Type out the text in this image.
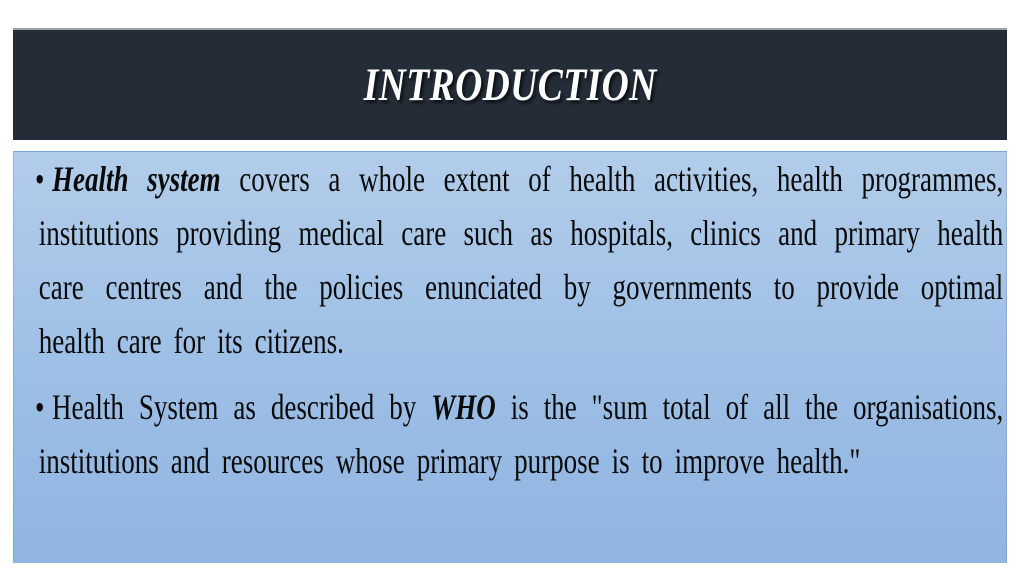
INTRODUCTION
• Health system covers a whole extent of health activities, health programmes,
institutions providing medical care such as hospitals, clinics and primary health
care centres and the policies enunciated by governments to provide optimal
health care for its citizens.
• Health System as described by WHO is the "sum total of all the organisations,
institutions and resources whose primary purpose is to improve health."
